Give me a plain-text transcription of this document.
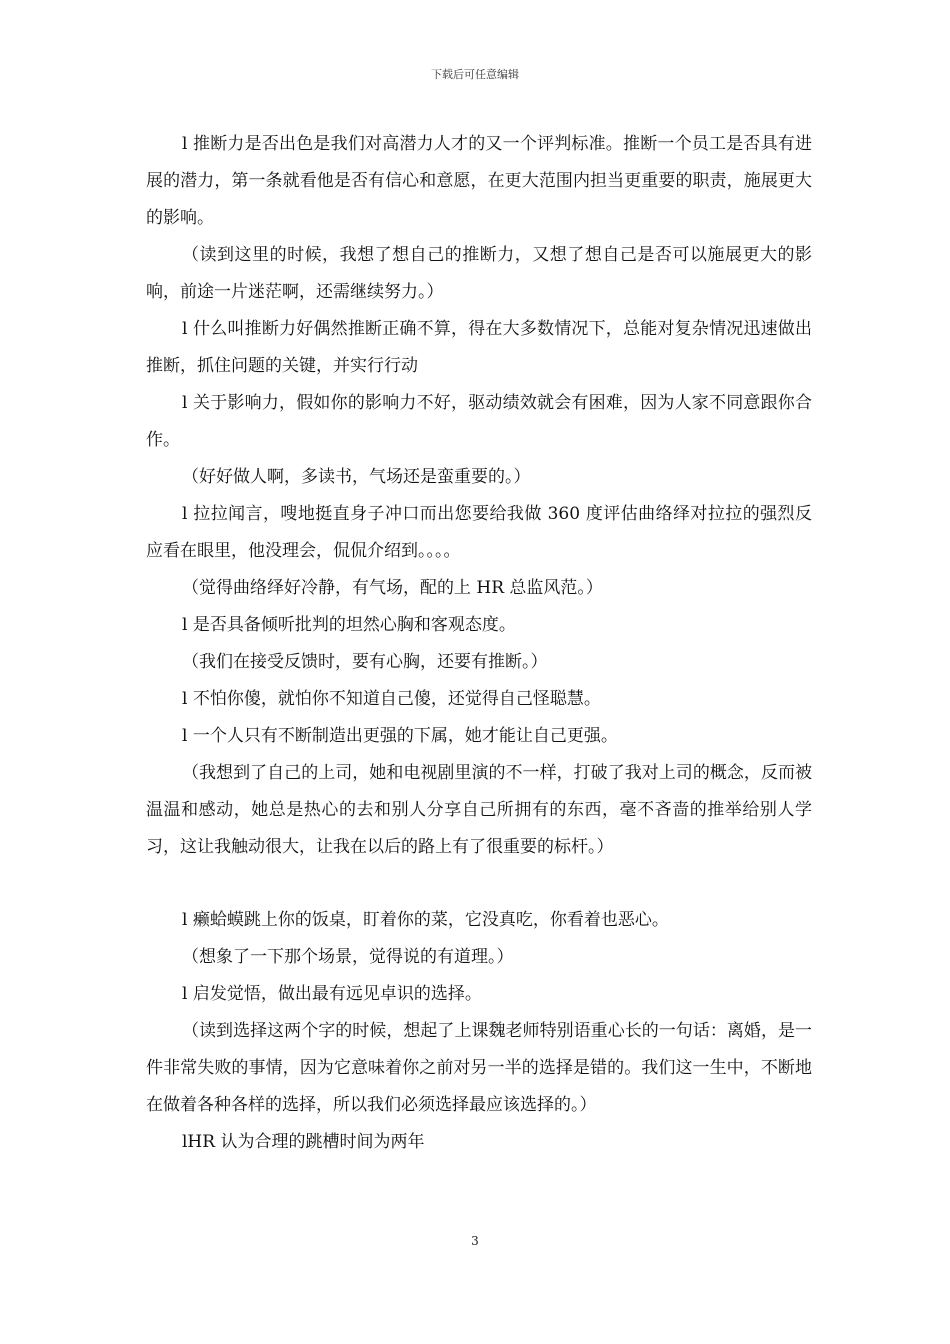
下载后可任意编辑

l 推断力是否出色是我们对高潜力人才的又一个评判标准。推断一个员工是否具有进展的潜力，第一条就看他是否有信心和意愿，在更大范围内担当更重要的职责，施展更大的影响。

（读到这里的时候，我想了想自己的推断力，又想了想自己是否可以施展更大的影响，前途一片迷茫啊，还需继续努力。）

l 什么叫推断力好偶然推断正确不算，得在大多数情况下，总能对复杂情况迅速做出推断，抓住问题的关键，并实行行动

l 关于影响力，假如你的影响力不好，驱动绩效就会有困难，因为人家不同意跟你合作。

（好好做人啊，多读书，气场还是蛮重要的。）

l 拉拉闻言，嗖地挺直身子冲口而出您要给我做 360 度评估曲络绎对拉拉的强烈反应看在眼里，他没理会，侃侃介绍到。。。。

（觉得曲络绎好冷静，有气场，配的上 HR 总监风范。）

l 是否具备倾听批判的坦然心胸和客观态度。

（我们在接受反馈时，要有心胸，还要有推断。）

l 不怕你傻，就怕你不知道自己傻，还觉得自己怪聪慧。

l 一个人只有不断制造出更强的下属，她才能让自己更强。

（我想到了自己的上司，她和电视剧里演的不一样，打破了我对上司的概念，反而被温温和感动，她总是热心的去和别人分享自己所拥有的东西，毫不吝啬的推举给别人学习，这让我触动很大，让我在以后的路上有了很重要的标杆。）

l 癞蛤蟆跳上你的饭桌，盯着你的菜，它没真吃，你看着也恶心。

（想象了一下那个场景，觉得说的有道理。）

l 启发觉悟，做出最有远见卓识的选择。

（读到选择这两个字的时候，想起了上课魏老师特别语重心长的一句话：离婚，是一件非常失败的事情，因为它意味着你之前对另一半的选择是错的。我们这一生中，不断地在做着各种各样的选择，所以我们必须选择最应该选择的。）

lHR 认为合理的跳槽时间为两年

3
